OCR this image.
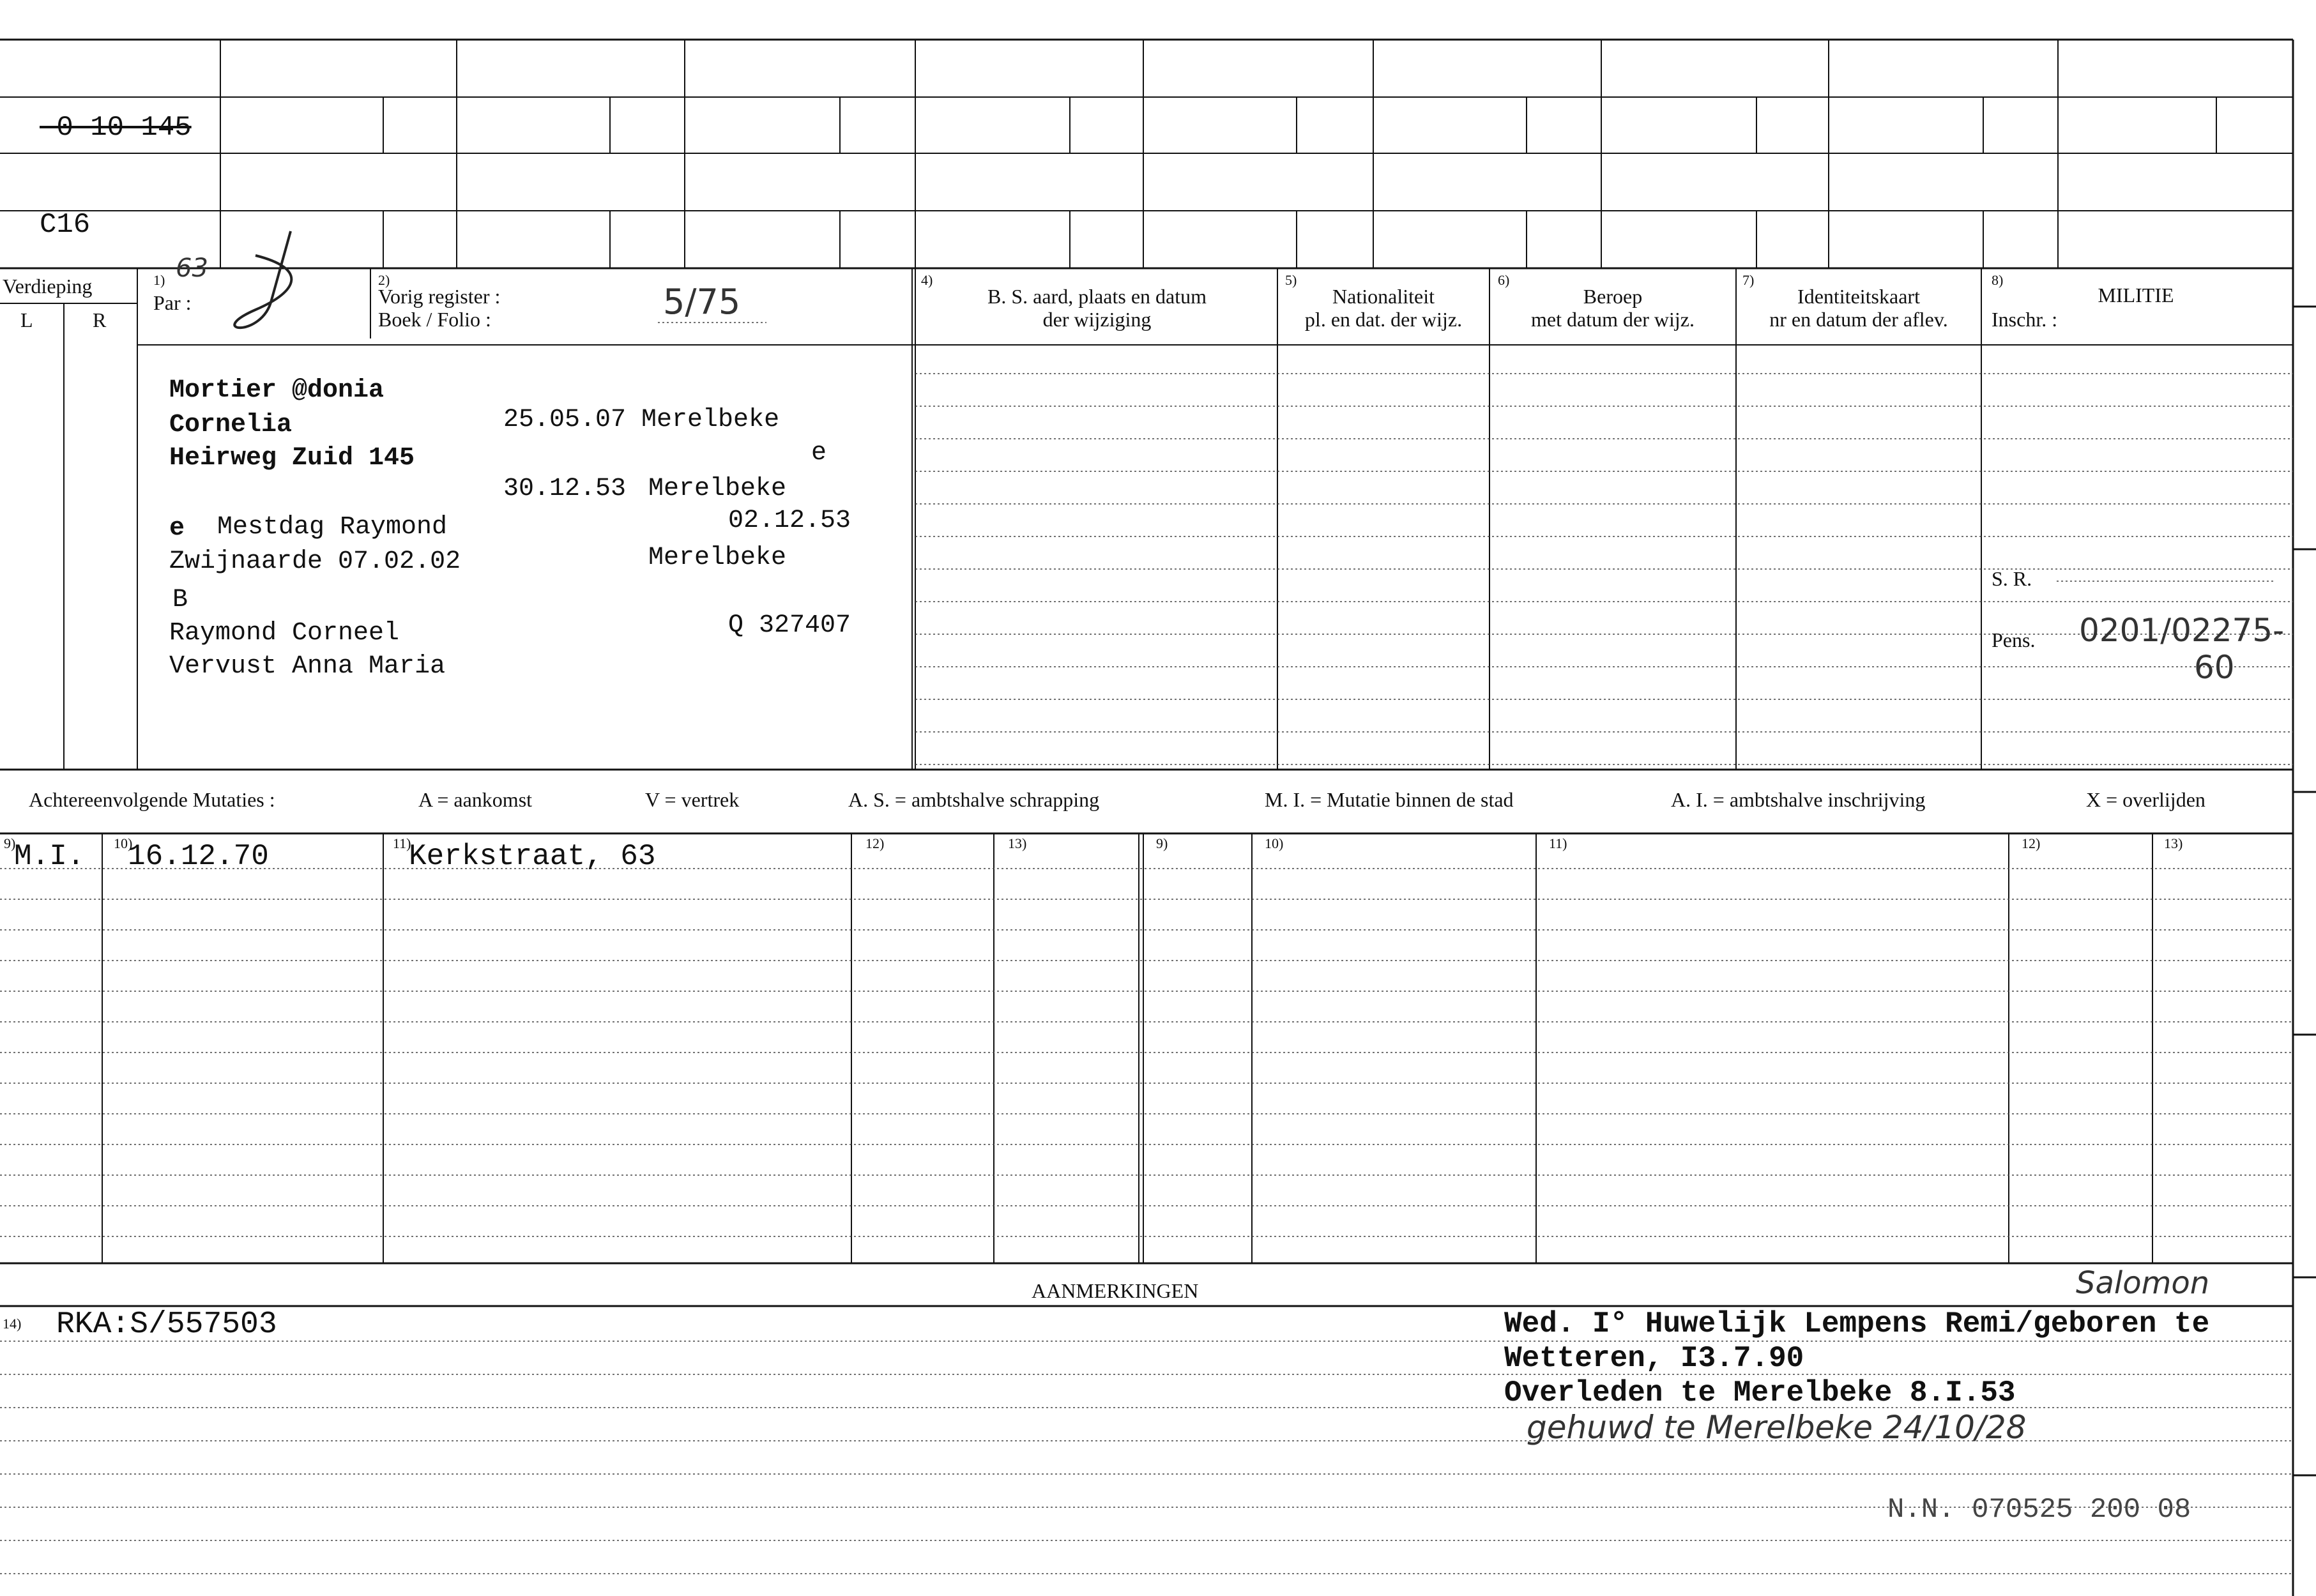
-0-10-145
C16
Verdieping
L	R
1) 63
Par :
2)
Vorig register :
Boek / Folio :	5/75
4)
B. S. aard, plaats en datum
der wijziging
5)
Nationaliteit
pl. en dat. der wijz.
6)
Beroep
met datum der wijz.
7)
Identiteitskaart
nr en datum der aflev.
8)
MILITIE
Inschr. :
S. R.
Pens. 0201/02275-
60
Mortier @donia
Cornelia
Heirweg Zuid 145
25.05.07 Merelbeke
e
30.12.53 Merelbeke
e Mestdag Raymond	02.12.53
Zwijnaarde 07.02.02	Merelbeke
B
Raymond Corneel	Q 327407
Vervust Anna Maria
Achtereenvolgende Mutaties :	A = aankomst	V = vertrek	A. S. = ambtshalve schrapping	M. I. = Mutatie binnen de stad	A. I. = ambtshalve inschrijving	X = overlijden
9)	10)	11)	12)	13)	9)	10)	11)	12)	13)
M.I. 16.12.70	Kerkstraat, 63
AANMERKINGEN	Salomon
14) RKA:S/557503	Wed. I° Huwelijk Lempens Remi/geboren te
Wetteren, I3.7.90
Overleden te Merelbeke 8.I.53
gehuwd te Merelbeke 24/10/28
N.N. 070525 200 08
